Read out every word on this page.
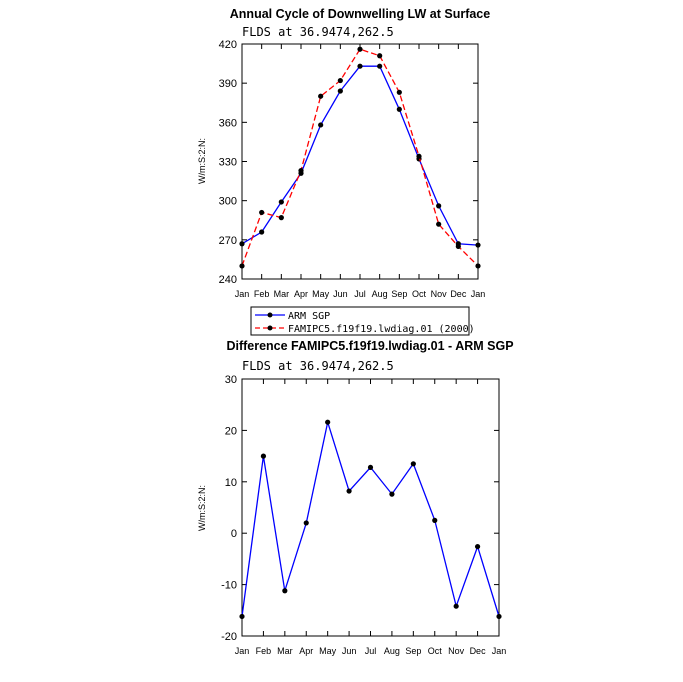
Annual Cycle of Downwelling LW at Surface
FLDS at 36.9474,262.5
W/m:S:2:N:
240
270
300
330
360
390
420
Jan Feb Mar Apr May Jun Jul Aug Sep Oct Nov Dec Jan
ARM SGP
FAMIPC5.f19f19.lwdiag.01 (2000)
Difference FAMIPC5.f19f19.lwdiag.01 - ARM SGP
FLDS at 36.9474,262.5
W/m:S:2:N:
-20
-10
0
10
20
30
Jan Feb Mar Apr May Jun Jul Aug Sep Oct Nov Dec Jan
